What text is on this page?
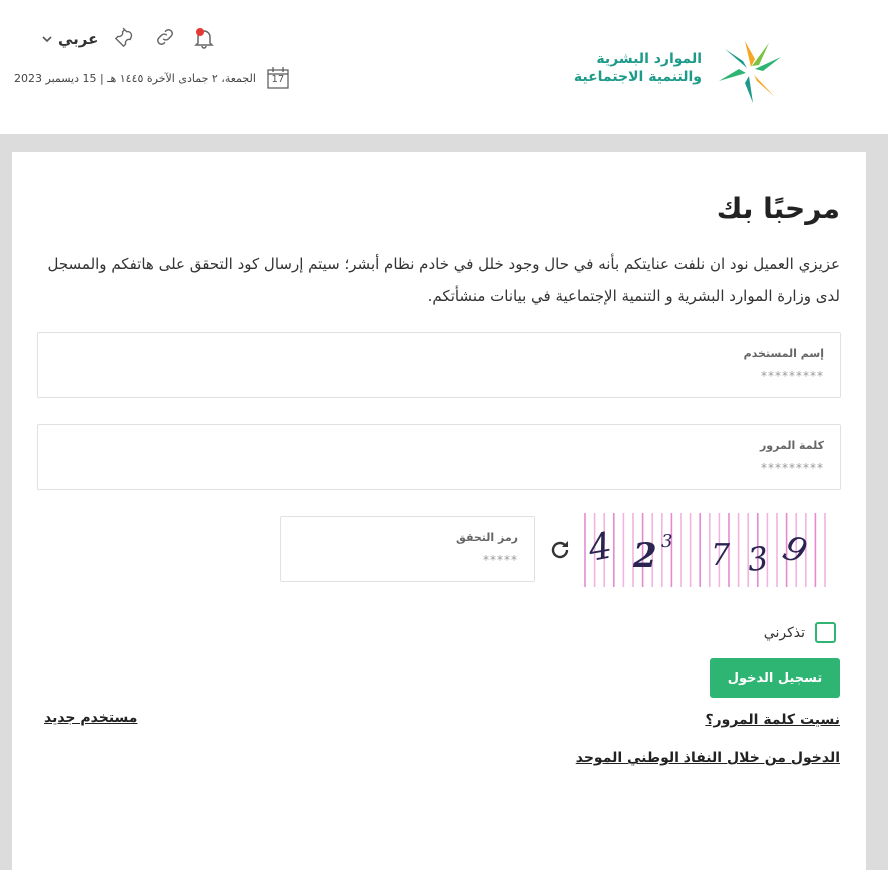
الموارد البشرية
والتنمية الاجتماعية
عربي
الجمعة، ٢ جمادى الآخرة ١٤٤٥ هـ | 15 ديسمبر 2023	17
مرحبًا بك

عزيزي العميل نود ان نلفت عنايتكم بأنه في حال وجود خلل في خادم نظام أبشر؛ سيتم إرسال كود التحقق على هاتفكم والمسجل لدى وزارة الموارد البشرية و التنمية الإجتماعية في بيانات منشأتكم.

إسم المستخدم
*********
كلمة المرور
رمز التحقق
***** 4 2 3 7 3 9
تذكرني
تسجيل الدخول
نسيت كلمة المرور؟
مستخدم جديد
الدخول من خلال النفاذ الوطني الموحد
